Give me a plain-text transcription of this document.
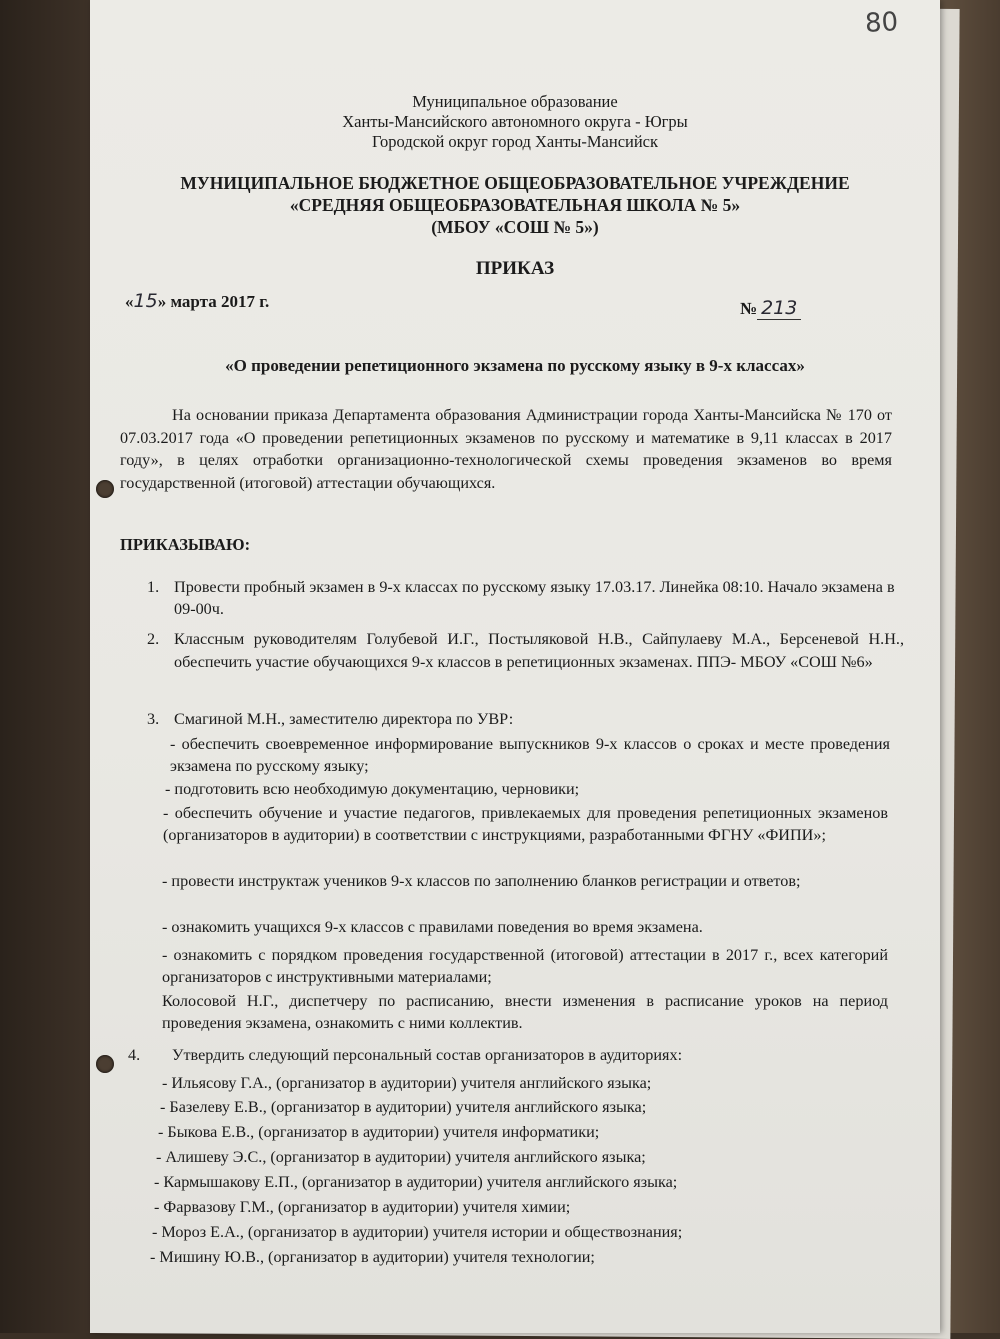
80
Муниципальное образование
Ханты-Мансийского автономного округа - Югры
Городской округ город Ханты-Мансийск
МУНИЦИПАЛЬНОЕ БЮДЖЕТНОЕ ОБЩЕОБРАЗОВАТЕЛЬНОЕ УЧРЕЖДЕНИЕ
«СРЕДНЯЯ ОБЩЕОБРАЗОВАТЕЛЬНАЯ ШКОЛА № 5»
(МБОУ «СОШ № 5»)
ПРИКАЗ
«15» марта 2017 г.	№ 213
«О проведении репетиционного экзамена по русскому языку в 9-х классах»
На основании приказа Департамента образования Администрации города Ханты-Мансийска № 170 от 07.03.2017 года «О проведении репетиционных экзаменов по русскому и математике в 9,11 классах в 2017 году», в целях отработки организационно-технологической схемы проведения экзаменов во время государственной (итоговой) аттестации обучающихся.
ПРИКАЗЫВАЮ:
1. Провести пробный экзамен в 9-х классах по русскому языку 17.03.17. Линейка 08:10. Начало экзамена в 09-00ч.
2. Классным руководителям Голубевой И.Г., Постыляковой Н.В., Сайпулаеву М.А., Берсеневой Н.Н., обеспечить участие обучающихся 9-х классов в репетиционных экзаменах. ППЭ- МБОУ «СОШ №6»
3. Смагиной М.Н., заместителю директора по УВР:
- обеспечить своевременное информирование выпускников 9-х классов о сроках и месте проведения экзамена по русскому языку;
- подготовить всю необходимую документацию, черновики;
- обеспечить обучение и участие педагогов, привлекаемых для проведения репетиционных экзаменов (организаторов в аудитории) в соответствии с инструкциями, разработанными ФГНУ «ФИПИ»;
- провести инструктаж учеников 9-х классов по заполнению бланков регистрации и ответов;
- ознакомить учащихся 9-х классов с правилами поведения во время экзамена.
- ознакомить с порядком проведения государственной (итоговой) аттестации в 2017 г., всех категорий организаторов с инструктивными материалами;
Колосовой Н.Г., диспетчеру по расписанию, внести изменения в расписание уроков на период проведения экзамена, ознакомить с ними коллектив.
4. Утвердить следующий персональный состав организаторов в аудиториях:
- Ильясову Г.А., (организатор в аудитории) учителя английского языка;
- Базелеву Е.В., (организатор в аудитории) учителя английского языка;
- Быкова Е.В., (организатор в аудитории) учителя информатики;
- Алишеву Э.С., (организатор в аудитории) учителя английского языка;
- Кармышакову Е.П., (организатор в аудитории) учителя английского языка;
- Фарвазову Г.М., (организатор в аудитории) учителя химии;
- Мороз Е.А., (организатор в аудитории) учителя истории и обществознания;
- Мишину Ю.В., (организатор в аудитории) учителя технологии;
